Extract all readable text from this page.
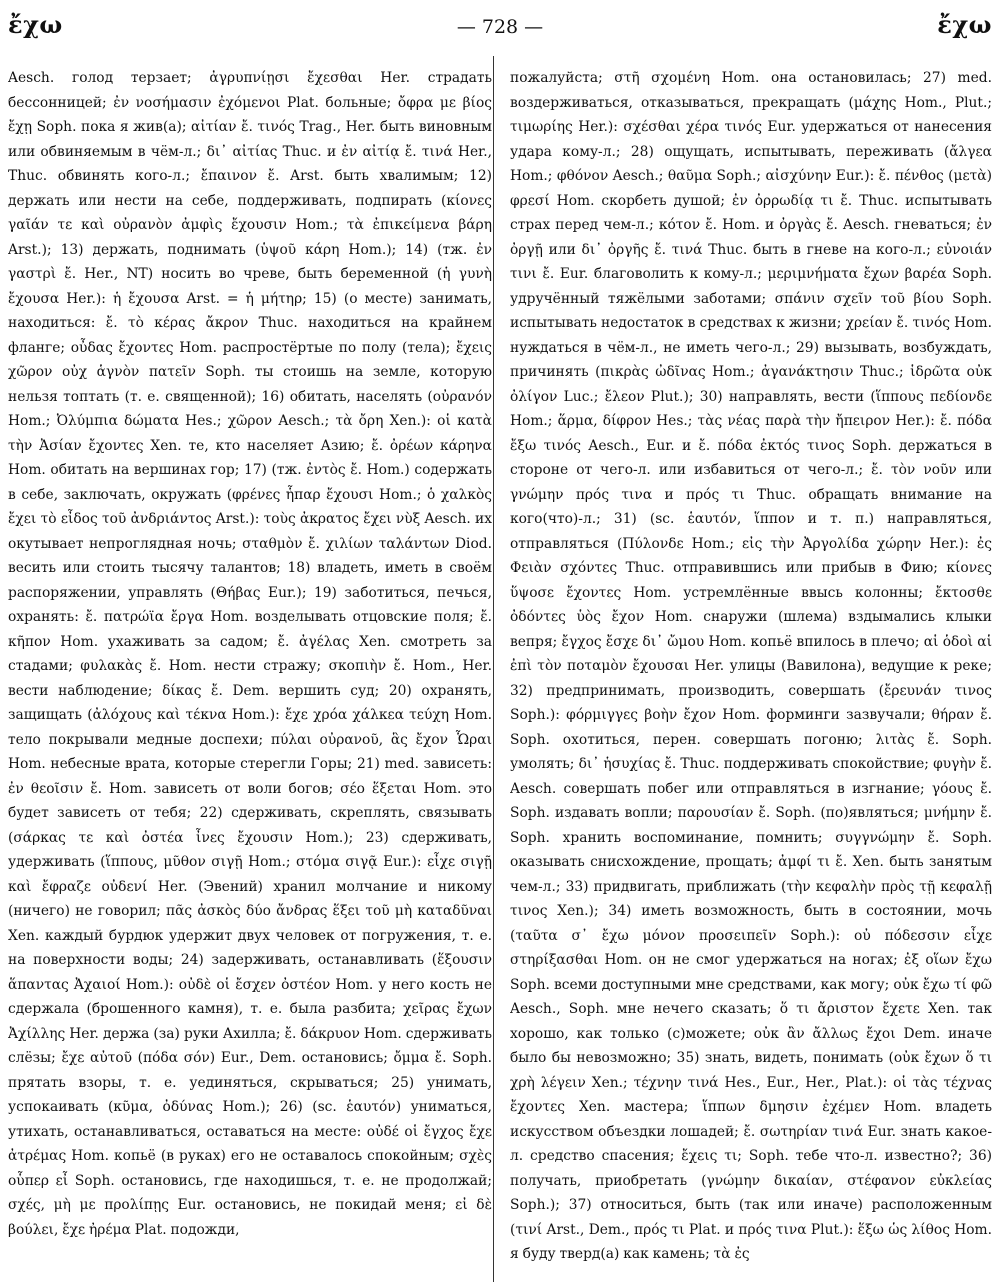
ἔχω	— 728 —	ἔχω
Aesch. голод терзает; ἀγρυπνίῃσι ἔχεσθαι Her. страдать бессонницей; ἐν νοσήμασιν ἐχόμενοι Plat. больные; ὄφρα με βίος ἔχῃ Soph. пока я жив(а); αἰτίαν ἔ. τινός Trag., Her. быть виновным или обвиняемым в чём-л.; δι᾽ αἰτίας Thuc. и ἐν αἰτίᾳ ἔ. τινά Her., Thuc. обвинять кого-л.; ἔπαινον ἔ. Arst. быть хвалимым; 12) держать или нести на себе, поддерживать, подпирать (κίονες γαῖάν τε καὶ οὐρανὸν ἀμφὶς ἔχουσιν Hom.; τὰ ἐπικείμενα βάρη Arst.); 13) держать, поднимать (ὑψοῦ κάρη Hom.); 14) (тж. ἐν γαστρὶ ἔ. Her., NT) носить во чреве, быть беременной (ἡ γυνὴ ἔχουσα Her.): ἡ ἔχουσα Arst. = ἡ μήτηρ; 15) (о месте) занимать, находиться: ἔ. τὸ κέρας ἄκρον Thuc. находиться на крайнем фланге; οὖδας ἔχοντες Hom. распростёртые по полу (тела); ἔχεις χῶρον οὐχ ἁγνὸν πατεῖν Soph. ты стоишь на земле, которую нельзя топтать (т. е. священной); 16) обитать, населять (οὐρανόν Hom.; Ὀλύμπια δώματα Hes.; χῶρον Aesch.; τὰ ὄρη Xen.): οἱ κατὰ τὴν Ἀσίαν ἔχοντες Xen. те, кто населяет Азию; ἔ. ὀρέων κάρηνα Hom. обитать на вершинах гор; 17) (тж. ἐντὸς ἔ. Hom.) содержать в себе, заключать, окружать (φρένες ἧπαρ ἔχουσι Hom.; ὁ χαλκὸς ἔχει τὸ εἶδος τοῦ ἀνδριάντος Arst.): τοὺς ἀκρατος ἔχει νὺξ Aesch. их окутывает непроглядная ночь; σταθμὸν ἔ. χιλίων ταλάντων Diod. весить или стоить тысячу талантов; 18) владеть, иметь в своём распоряжении, управлять (Θήβας Eur.); 19) заботиться, печься, охранять: ἔ. πατρώϊα ἔργα Hom. возделывать отцовские поля; ἔ. κῆπον Hom. ухаживать за садом; ἔ. ἀγέλας Xen. смотреть за стадами; φυλακὰς ἔ. Hom. нести стражу; σκοπιὴν ἔ. Hom., Her. вести наблюдение; δίκας ἔ. Dem. вершить суд; 20) охранять, защищать (ἀλόχους καὶ τέκνα Hom.): ἔχε χρόα χάλκεα τεύχη Hom. тело покрывали медные доспехи; πύλαι οὐρανοῦ, ἃς ἔχον Ὧραι Hom. небесные врата, которые стерегли Горы; 21) med. зависеть: ἐν θεοῖσιν ἔ. Hom. зависеть от воли богов; σέο ἕξεται Hom. это будет зависеть от тебя; 22) сдерживать, скреплять, связывать (σάρκας τε καὶ ὀστέα ἶνες ἔχουσιν Hom.); 23) сдерживать, удерживать (ἵππους, μῦθον σιγῇ Hom.; στόμα σιγᾷ Eur.): εἶχε σιγῇ καὶ ἔφραζε οὐδενί Her. (Эвений) хранил молчание и никому (ничего) не говорил; πᾶς ἀσκὸς δύο ἄνδρας ἕξει τοῦ μὴ καταδῦναι Xen. каждый бурдюк удержит двух человек от погружения, т. е. на поверхности воды; 24) задерживать, останавливать (ἕξουσιν ἅπαντας Ἀχαιοί Hom.): οὐδὲ οἱ ἔσχεν ὀστέον Hom. у него кость не сдержала (брошенного камня), т. е. была разбита; χεῖρας ἔχων Ἀχίλλης Her. держа (за) руки Ахилла; ἔ. δάκρυον Hom. сдерживать слёзы; ἔχε αὐτοῦ (πόδα σόν) Eur., Dem. остановись; ὄμμα ἔ. Soph. прятать взоры, т. е. уединяться, скрываться; 25) унимать, успокаивать (κῦμα, ὀδύνας Hom.); 26) (sc. ἑαυτόν) униматься, утихать, останавливаться, оставаться на месте: οὐδέ οἱ ἔγχος ἔχε ἀτρέμας Hom. копьё (в руках) его не оставалось спокойным; σχὲς οὗπερ εἶ Soph. остановись, где находишься, т. е. не продолжай; σχές, μὴ με προλίπῃς Eur. остановись, не покидай меня; εἰ δὲ βούλει, ἔχε ἠρέμα Plat. подожди,
пожалуйста; στῆ σχομένη Hom. она остановилась; 27) med. воздерживаться, отказываться, прекращать (μάχης Hom., Plut.; τιμωρίης Her.): σχέσθαι χέρα τινός Eur. удержаться от нанесения удара кому-л.; 28) ощущать, испытывать, переживать (ἄλγεα Hom.; φθόνον Aesch.; θαῦμα Soph.; αἰσχύνην Eur.): ἔ. πένθος (μετὰ) φρεσί Hom. скорбеть душой; ἐν ὀρρωδίᾳ τι ἔ. Thuc. испытывать страх перед чем-л.; κότον ἔ. Hom. и ὀργὰς ἔ. Aesch. гневаться; ἐν ὀργῇ или δι᾽ ὀργῆς ἔ. τινά Thuc. быть в гневе на кого-л.; εὐνοιάν τινι ἔ. Eur. благоволить к кому-л.; μεριμνήματα ἔχων βαρέα Soph. удручённый тяжёлыми заботами; σπάνιν σχεῖν τοῦ βίου Soph. испытывать недостаток в средствах к жизни; χρείαν ἔ. τινός Hom. нуждаться в чём-л., не иметь чего-л.; 29) вызывать, возбуждать, причинять (πικρὰς ὠδῖνας Hom.; ἀγανάκτησιν Thuc.; ἱδρῶτα οὐκ ὀλίγον Luc.; ἔλεον Plut.); 30) направлять, вести (ἵππους πεδίονδε Hom.; ἅρμα, δίφρον Hes.; τὰς νέας παρὰ τὴν ἤπειρον Her.): ἔ. πόδα ἔξω τινός Aesch., Eur. и ἔ. πόδα ἐκτός τινος Soph. держаться в стороне от чего-л. или избавиться от чего-л.; ἔ. τὸν νοῦν или γνώμην πρός τινα и πρός τι Thuc. обращать внимание на кого(что)-л.; 31) (sc. ἑαυτόν, ἵππον и т. п.) направляться, отправляться (Πύλονδε Hom.; εἰς τὴν Ἀργολίδα χώρην Her.): ἐς Φειὰν σχόντες Thuc. отправившись или прибыв в Фию; κίονες ὕψοσε ἔχοντες Hom. устремлённые ввысь колонны; ἔκτοσθε ὀδόντες ὑὸς ἔχον Hom. снаружи (шлема) вздымались клыки вепря; ἔγχος ἔσχε δι᾽ ὤμου Hom. копьё впилось в плечо; αἱ ὁδοὶ αἱ ἐπὶ τὸν ποταμὸν ἔχουσαι Her. улицы (Вавилона), ведущие к реке; 32) предпринимать, производить, совершать (ἔρευνάν τινος Soph.): φόρμιγγες βοὴν ἔχον Hom. форминги зазвучали; θήραν ἔ. Soph. охотиться, перен. совершать погоню; λιτὰς ἔ. Soph. умолять; δι᾽ ἡσυχίας ἔ. Thuc. поддерживать спокойствие; φυγὴν ἔ. Aesch. совершать побег или отправляться в изгнание; γόους ἔ. Soph. издавать вопли; παρουσίαν ἔ. Soph. (по)являться; μνήμην ἔ. Soph. хранить воспоминание, помнить; συγγνώμην ἔ. Soph. оказывать снисхождение, прощать; ἀμφί τι ἔ. Xen. быть занятым чем-л.; 33) придвигать, приближать (τὴν κεφαλὴν πρὸς τῇ κεφαλῇ τινος Xen.); 34) иметь возможность, быть в состоянии, мочь (ταῦτα σ᾽ ἔχω μόνον προσειπεῖν Soph.): οὐ πόδεσσιν εἶχε στηρίξασθαι Hom. он не смог удержаться на ногах; ἐξ οἵων ἔχω Soph. всеми доступными мне средствами, как могу; οὐκ ἔχω τί φῶ Aesch., Soph. мне нечего сказать; ὅ τι ἄριστον ἔχετε Xen. так хорошо, как только (с)можете; οὐκ ἂν ἄλλως ἔχοι Dem. иначе было бы невозможно; 35) знать, видеть, понимать (οὐκ ἔχων ὅ τι χρὴ λέγειν Xen.; τέχνην τινά Hes., Eur., Her., Plat.): οἱ τὰς τέχνας ἔχοντες Xen. мастера; ἵππων δμησιν ἐχέμεν Hom. владеть искусством объездки лошадей; ἔ. σωτηρίαν τινά Eur. знать какое-л. средство спасения; ἔχεις τι; Soph. тебе что-л. известно?; 36) получать, приобретать (γνώμην δικαίαν, στέφανον εὐκλείας Soph.); 37) относиться, быть (так или иначе) расположенным (τινί Arst., Dem., πρός τι Plat. и πρός τινα Plut.): ἕξω ὡς λίθος Hom. я буду тверд(а) как камень; τὰ ἐς
